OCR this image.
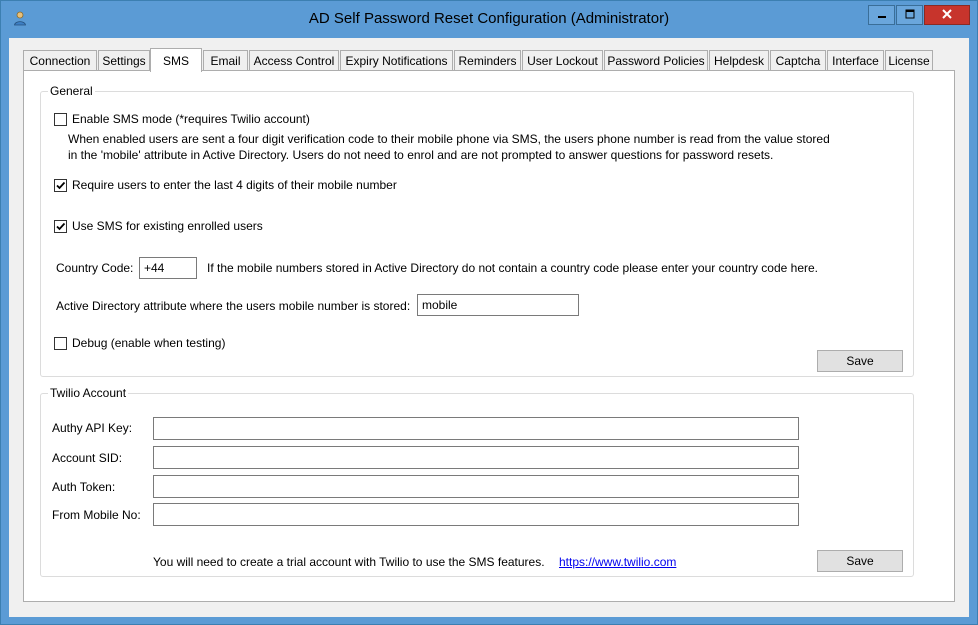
AD Self Password Reset Configuration (Administrator)
Connection Settings SMS Email Access Control Expiry Notifications Reminders User Lockout Password Policies Helpdesk Captcha Interface License
General
Enable SMS mode (*requires Twilio account)
When enabled users are sent a four digit verification code to their mobile phone via SMS, the users phone number is read from the value stored
in the 'mobile' attribute in Active Directory. Users do not need to enrol and are not prompted to answer questions for password resets.
Require users to enter the last 4 digits of their mobile number
Use SMS for existing enrolled users
Country Code:
+44	If the mobile numbers stored in Active Directory do not contain a country code please enter your country code here.
Active Directory attribute where the users mobile number is stored:
mobile
Debug (enable when testing)
Save
Twilio Account
Authy API Key:
Account SID:
Auth Token:
From Mobile No:
You will need to create a trial account with Twilio to use the SMS features. https://www.twilio.com	Save
